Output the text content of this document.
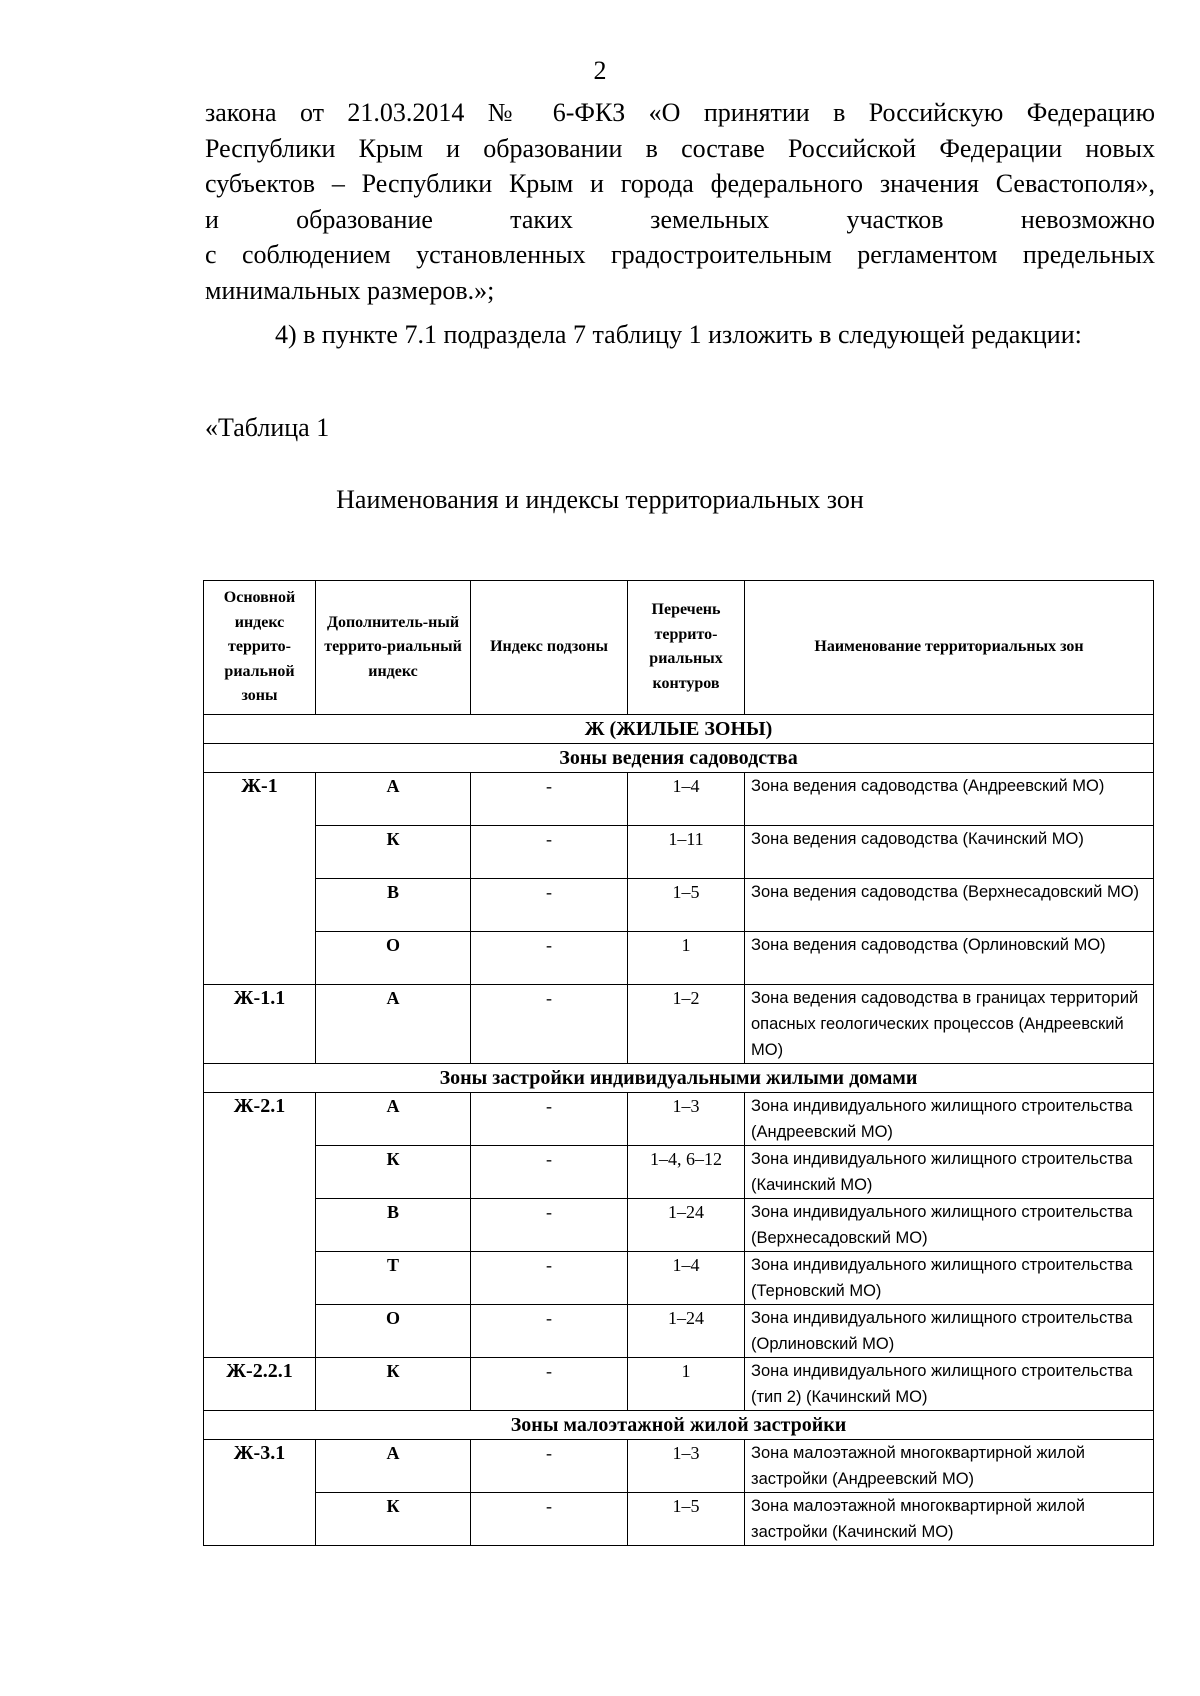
2
закона от 21.03.2014 № 6-ФКЗ «О принятии в Российскую Федерацию
Республики Крым и образовании в составе Российской Федерации новых
субъектов – Республики Крым и города федерального значения Севастополя»,
и	образование	таких	земельных	участков	невозможно
с соблюдением установленных градостроительным регламентом предельных
минимальных размеров.»;
4) в пункте 7.1 подраздела 7 таблицу 1 изложить в следующей редакции:
«Таблица 1
Наименования и индексы территориальных зон
Основной индекс террито-риальной зоны	Дополнитель-ный террито-риальный индекс	Индекс подзоны	Перечень террито-риальных контуров	Наименование территориальных зон
Ж (ЖИЛЫЕ ЗОНЫ)				
Зоны ведения садоводства				
Ж-1	А	-	1–4	Зона ведения садоводства (Андреевский МО)
	К	-	1–11	Зона ведения садоводства (Качинский МО)
	В	-	1–5	Зона ведения садоводства (Верхнесадовский МО)
	О	-	1	Зона ведения садоводства (Орлиновский МО)
Ж-1.1	А	-	1–2	Зона ведения садоводства в границах территорий опасных геологических процессов (Андреевский МО)
Зоны застройки индивидуальными жилыми домами				
Ж-2.1	А	-	1–3	Зона индивидуального жилищного строительства (Андреевский МО)
	К	-	1–4, 6–12	Зона индивидуального жилищного строительства (Качинский МО)
	В	-	1–24	Зона индивидуального жилищного строительства (Верхнесадовский МО)
	Т	-	1–4	Зона индивидуального жилищного строительства (Терновский МО)
	О	-	1–24	Зона индивидуального жилищного строительства (Орлиновский МО)
Ж-2.2.1	К	-	1	Зона индивидуального жилищного строительства (тип 2) (Качинский МО)
Зоны малоэтажной жилой застройки				
Ж-3.1	А	-	1–3	Зона малоэтажной многоквартирной жилой застройки (Андреевский МО)
	К	-	1–5	Зона малоэтажной многоквартирной жилой застройки (Качинский МО)
